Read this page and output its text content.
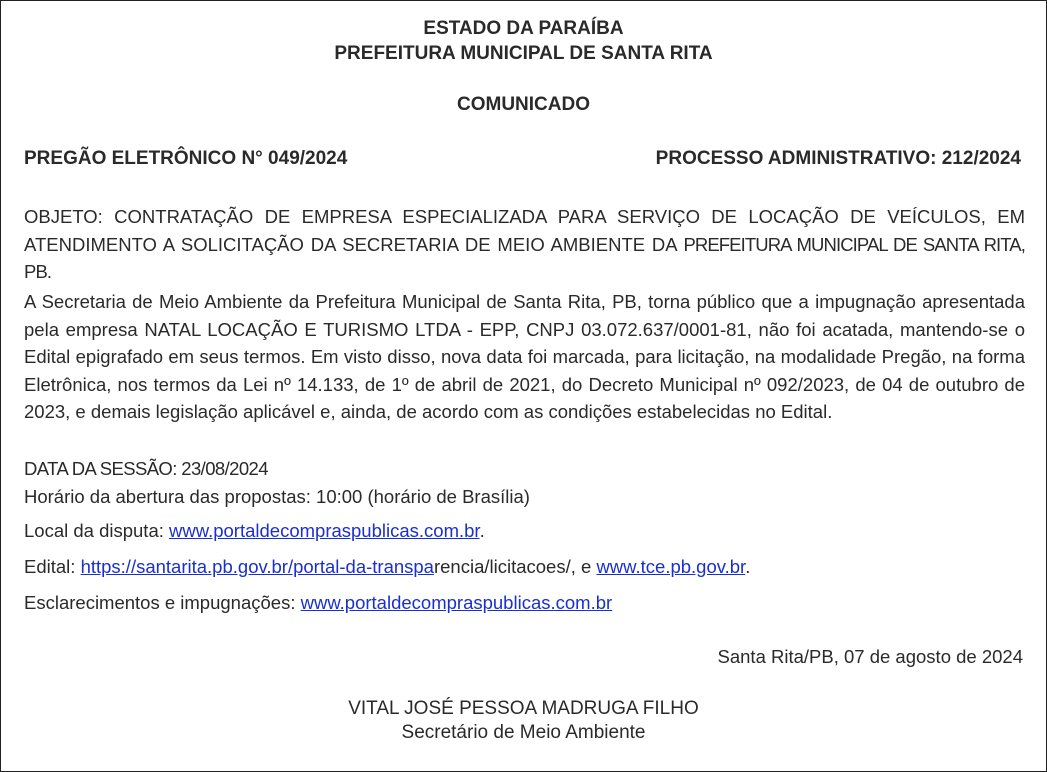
ESTADO DA PARAÍBA
PREFEITURA MUNICIPAL DE SANTA RITA
COMUNICADO
PREGÃO ELETRÔNICO N° 049/2024	PROCESSO ADMINISTRATIVO: 212/2024
OBJETO: CONTRATAÇÃO DE EMPRESA ESPECIALIZADA PARA SERVIÇO DE LOCAÇÃO DE VEÍCULOS, EM ATENDIMENTO A SOLICITAÇÃO DA SECRETARIA DE MEIO AMBIENTE DA PREFEITURA MUNICIPAL DE SANTA RITA, PB.
A Secretaria de Meio Ambiente da Prefeitura Municipal de Santa Rita, PB, torna público que a impugnação apresentada pela empresa NATAL LOCAÇÃO E TURISMO LTDA - EPP, CNPJ 03.072.637/0001-81, não foi acatada, mantendo-se o Edital epigrafado em seus termos. Em visto disso, nova data foi marcada, para licitação, na modalidade Pregão, na forma Eletrônica, nos termos da Lei nº 14.133, de 1º de abril de 2021, do Decreto Municipal nº 092/2023, de 04 de outubro de 2023, e demais legislação aplicável e, ainda, de acordo com as condições estabelecidas no Edital.
DATA DA SESSÃO: 23/08/2024
Horário da abertura das propostas: 10:00 (horário de Brasília)
Local da disputa: www.portaldecompraspublicas.com.br.
Edital: https://santarita.pb.gov.br/portal-da-transparencia/licitacoes/, e www.tce.pb.gov.br.
Esclarecimentos e impugnações: www.portaldecompraspublicas.com.br
Santa Rita/PB, 07 de agosto de 2024
VITAL JOSÉ PESSOA MADRUGA FILHO
Secretário de Meio Ambiente
